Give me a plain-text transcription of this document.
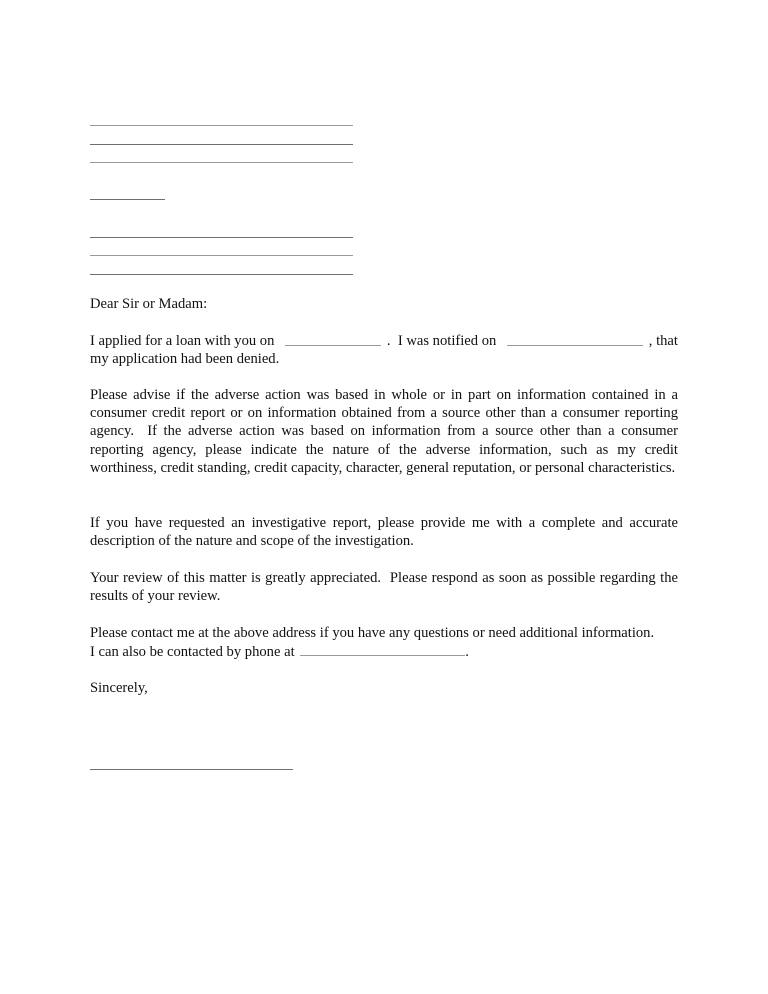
Dear Sir or Madam:
I applied for a loan with you on	.  I was notified on	, that
my application had been denied.
Please advise if the adverse action was based in whole or in part on information contained in a consumer credit report or on information obtained from a source other than a consumer reporting agency.  If the adverse action was based on information from a source other than a consumer reporting agency, please indicate the nature of the adverse information, such as my credit worthiness, credit standing, credit capacity, character, general reputation, or personal characteristics.
If you have requested an investigative report, please provide me with a complete and accurate description of the nature and scope of the investigation.
Your review of this matter is greatly appreciated.  Please respond as soon as possible regarding the results of your review.
Please contact me at the above address if you have any questions or need additional information.
I can also be contacted by phone at	.
Sincerely,
